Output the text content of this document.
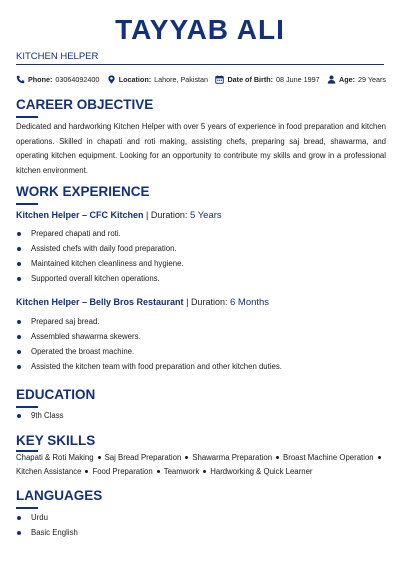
TAYYAB ALI
KITCHEN HELPER
Phone: 03064092400	Location: Lahore, Pakistan	Date of Birth: 08 June 1997	Age: 29 Years
CAREER OBJECTIVE
Dedicated and hardworking Kitchen Helper with over 5 years of experience in food preparation and kitchen operations. Skilled in chapati and roti making, assisting chefs, preparing saj bread, shawarma, and operating kitchen equipment. Looking for an opportunity to contribute my skills and grow in a professional kitchen environment.
WORK EXPERIENCE
Kitchen Helper – CFC Kitchen | Duration: 5 Years
Prepared chapati and roti.
Assisted chefs with daily food preparation.
Maintained kitchen cleanliness and hygiene.
Supported overall kitchen operations.
Kitchen Helper – Belly Bros Restaurant | Duration: 6 Months
Prepared saj bread.
Assembled shawarma skewers.
Operated the broast machine.
Assisted the kitchen team with food preparation and other kitchen duties.
EDUCATION
9th Class
KEY SKILLS
Chapati & Roti Making Saj Bread Preparation Shawarma Preparation Broast Machine Operation
Kitchen Assistance Food Preparation Teamwork Hardworking & Quick Learner
LANGUAGES
Urdu
Basic English
